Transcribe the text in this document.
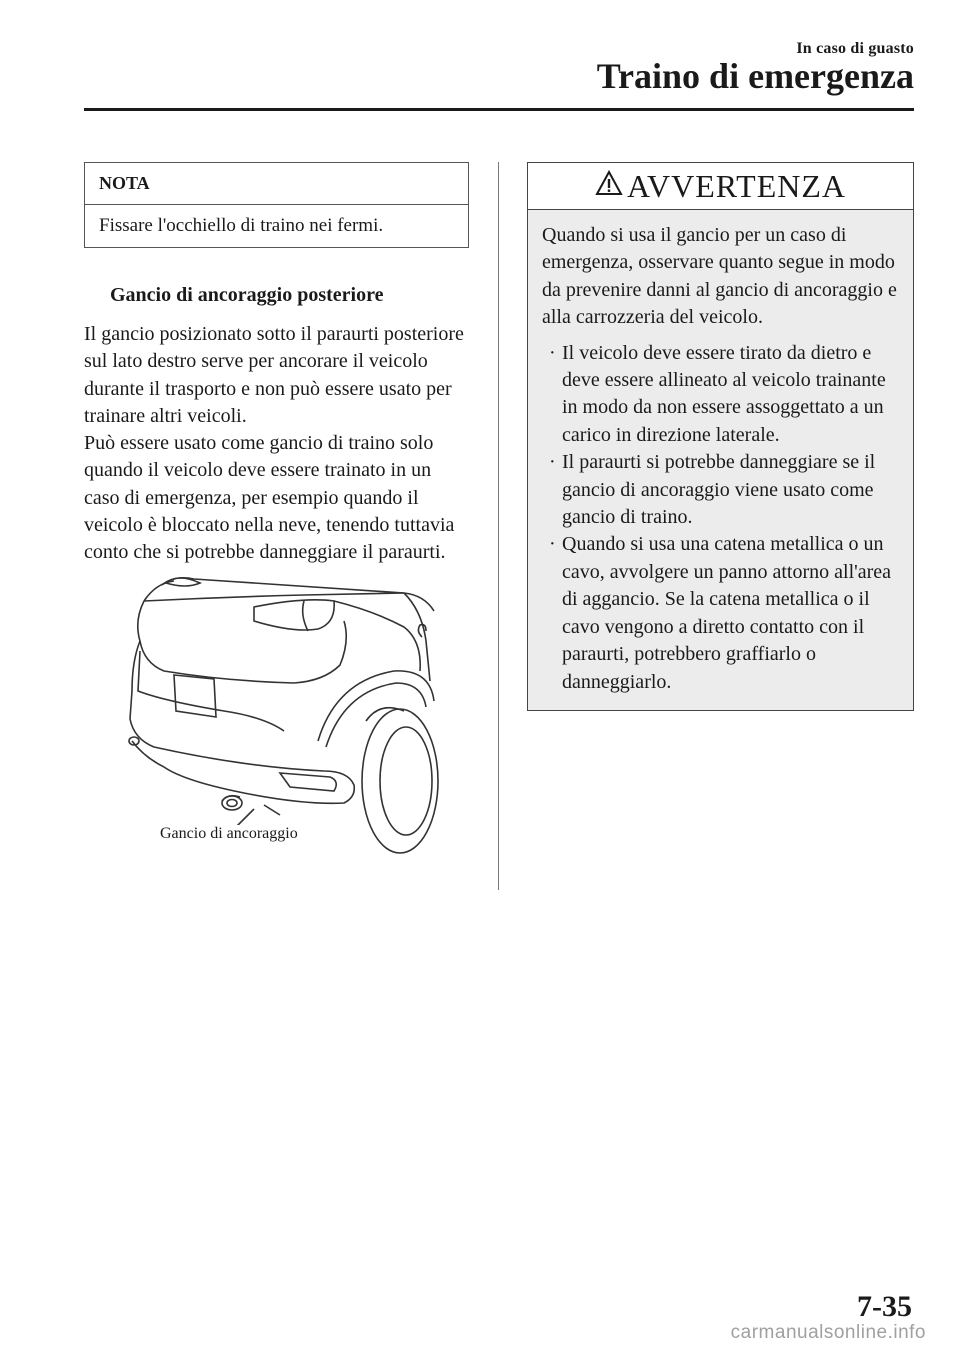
In caso di guasto
Traino di emergenza
NOTA
Fissare l'occhiello di traino nei fermi.
Gancio di ancoraggio posteriore

Il gancio posizionato sotto il paraurti posteriore sul lato destro serve per ancorare il veicolo durante il trasporto e non può essere usato per trainare altri veicoli.

Può essere usato come gancio di traino solo quando il veicolo deve essere trainato in un caso di emergenza, per esempio quando il veicolo è bloccato nella neve, tenendo tuttavia conto che si potrebbe danneggiare il paraurti.

Gancio di ancoraggio
AVVERTENZA

Quando si usa il gancio per un caso di emergenza, osservare quanto segue in modo da prevenire danni al gancio di ancoraggio e alla carrozzeria del veicolo.

· Il veicolo deve essere tirato da dietro e deve essere allineato al veicolo trainante in modo da non essere assoggettato a un carico in direzione laterale.
· Il paraurti si potrebbe danneggiare se il gancio di ancoraggio viene usato come gancio di traino.
· Quando si usa una catena metallica o un cavo, avvolgere un panno attorno all'area di aggancio. Se la catena metallica o il cavo vengono a diretto contatto con il paraurti, potrebbero graffiarlo o danneggiarlo.
7-35
carmanualsonline.info
